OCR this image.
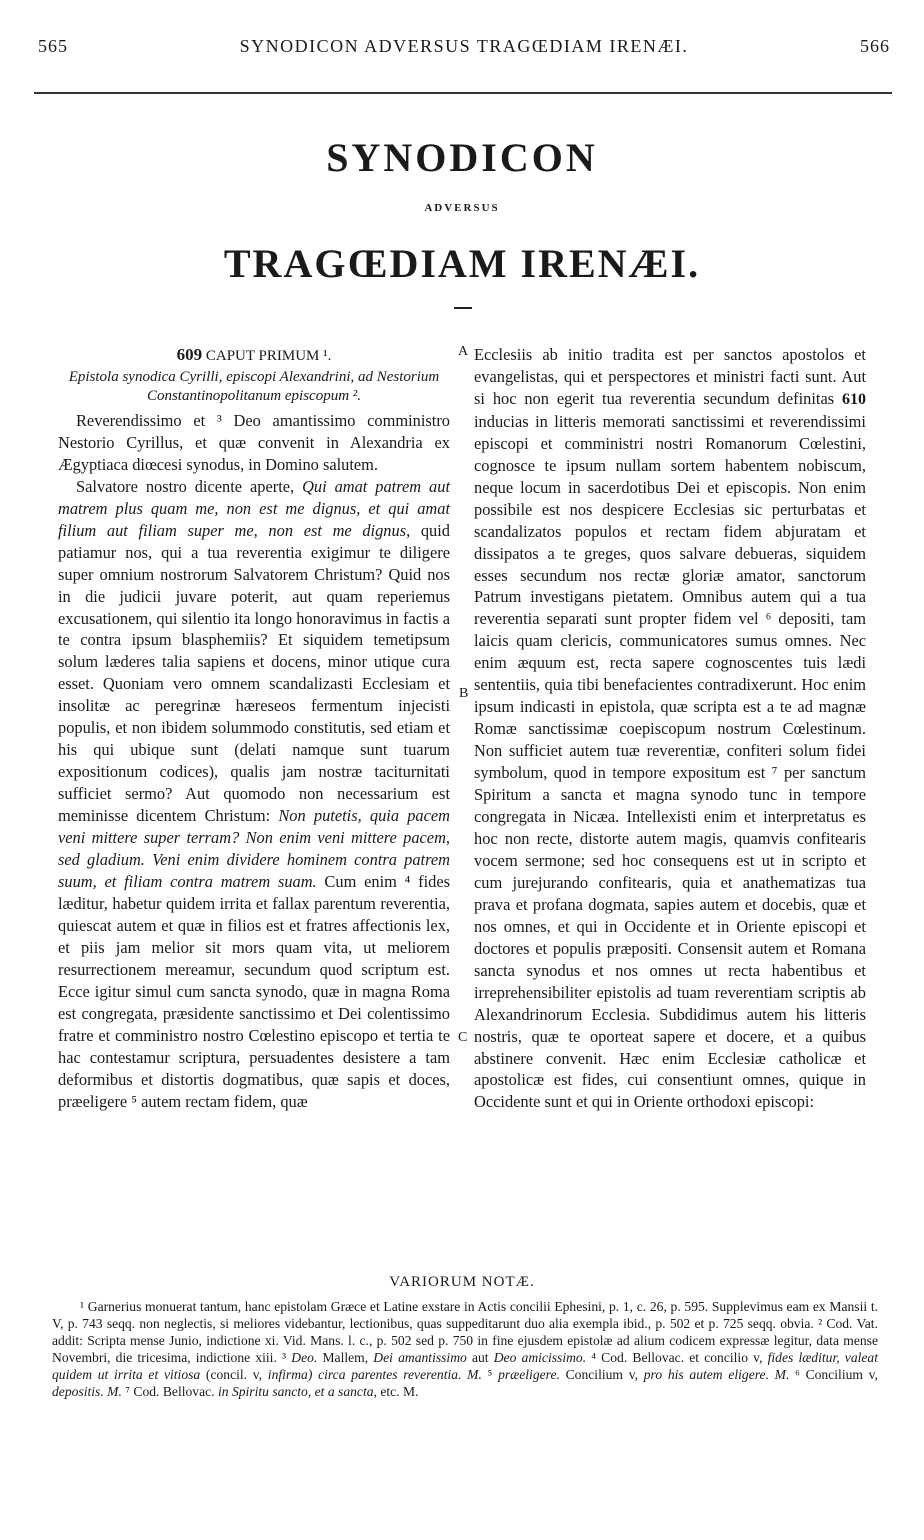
565	SYNODICON ADVERSUS TRAGŒDIAM IRENÆI.	566
SYNODICON
ADVERSUS
TRAGŒDIAM IRENÆI.

609 CAPUT PRIMUM ¹.

Epistola synodica Cyrilli, episcopi Alexandrini, ad Nestorium Constantinopolitanum episcopum ².

Reverendissimo et ³ Deo amantissimo comministro Nestorio Cyrillus, et quæ convenit in Alexandria ex Ægyptiaca diœcesi synodus, in Domino salutem.

Salvatore nostro dicente aperte, Qui amat patrem aut matrem plus quam me, non est me dignus, et qui amat filium aut filiam super me, non est me dignus, quid patiamur nos, qui a tua reverentia exigimur te diligere super omnium nostrorum Salvatorem Christum? Quid nos in die judicii juvare poterit, aut quam reperiemus excusationem, qui silentio ita longo honoravimus in factis a te contra ipsum blasphemiis? Et siquidem temetipsum solum læderes talia sapiens et docens, minor utique cura esset. Quoniam vero omnem scandalizasti Ecclesiam et insolitæ ac peregrinæ hæreseos fermentum injecisti populis, et non ibidem solummodo constitutis, sed etiam et his qui ubique sunt (delati namque sunt tuarum expositionum codices), qualis jam nostræ taciturnitati sufficiet sermo? Aut quomodo non necessarium est meminisse dicentem Christum: Non putetis, quia pacem veni mittere super terram? Non enim veni mittere pacem, sed gladium. Veni enim dividere hominem contra patrem suum, et filiam contra matrem suam. Cum enim ⁴ fides læditur, habetur quidem irrita et fallax parentum reverentia, quiescat autem et quæ in filios est et fratres affectionis lex, et piis jam melior sit mors quam vita, ut meliorem resurrectionem mereamur, secundum quod scriptum est. Ecce igitur simul cum sancta synodo, quæ in magna Roma est congregata, præsidente sanctissimo et Dei colentissimo fratre et comministro nostro Cœlestino episcopo et tertia te hac contestamur scriptura, persuadentes desistere a tam deformibus et distortis dogmatibus, quæ sapis et doces, præeligere ⁵ autem rectam fidem, quæ

A
B
C

Ecclesiis ab initio tradita est per sanctos apostolos et evangelistas, qui et perspectores et ministri facti sunt. Aut si hoc non egerit tua reverentia secundum definitas 610 inducias in litteris memorati sanctissimi et reverendissimi episcopi et comministri nostri Romanorum Cœlestini, cognosce te ipsum nullam sortem habentem nobiscum, neque locum in sacerdotibus Dei et episcopis. Non enim possibile est nos despicere Ecclesias sic perturbatas et scandalizatos populos et rectam fidem abjuratam et dissipatos a te greges, quos salvare debueras, siquidem esses secundum nos rectæ gloriæ amator, sanctorum Patrum investigans pietatem. Omnibus autem qui a tua reverentia separati sunt propter fidem vel ⁶ depositi, tam laicis quam clericis, communicatores sumus omnes. Nec enim æquum est, recta sapere cognoscentes tuis lædi sententiis, quia tibi benefacientes contradixerunt. Hoc enim ipsum indicasti in epistola, quæ scripta est a te ad magnæ Romæ sanctissimæ coepiscopum nostrum Cœlestinum. Non sufficiet autem tuæ reverentiæ, confiteri solum fidei symbolum, quod in tempore expositum est ⁷ per sanctum Spiritum a sancta et magna synodo tunc in tempore congregata in Nicæa. Intellexisti enim et interpretatus es hoc non recte, distorte autem magis, quamvis confitearis vocem sermone; sed hoc consequens est ut in scripto et cum jurejurando confitearis, quia et anathematizas tua prava et profana dogmata, sapies autem et docebis, quæ et nos omnes, et qui in Occidente et in Oriente episcopi et doctores et populis præpositi. Consensit autem et Romana sancta synodus et nos omnes ut recta habentibus et irreprehensibiliter epistolis ad tuam reverentiam scriptis ab Alexandrinorum Ecclesia. Subdidimus autem his litteris nostris, quæ te oporteat sapere et docere, et a quibus abstinere convenit. Hæc enim Ecclesiæ catholicæ et apostolicæ est fides, cui consentiunt omnes, quique in Occidente sunt et qui in Oriente orthodoxi episcopi:

VARIORUM NOTÆ.

¹ Garnerius monuerat tantum, hanc epistolam Græce et Latine exstare in Actis concilii Ephesini, p. 1, c. 26, p. 595. Supplevimus eam ex Mansii t. V, p. 743 seqq. non neglectis, si meliores videbantur, lectionibus, quas suppeditarunt duo alia exempla ibid., p. 502 et p. 725 seqq. obvia. ² Cod. Vat. addit: Scripta mense Junio, indictione xi. Vid. Mans. l. c., p. 502 sed p. 750 in fine ejusdem epistolæ ad alium codicem expressæ legitur, data mense Novembri, die tricesima, indictione xiii. ³ Deo. Mallem, Dei amantissimo aut Deo amicissimo. ⁴ Cod. Bellovac. et concilio v, fides læditur, valeat quidem ut irrita et vitiosa (concil. v, infirma) circa parentes reverentia. M. ⁵ præeligere. Concilium v, pro his autem eligere. M. ⁶ Concilium v, depositis. M. ⁷ Cod. Bellovac. in Spiritu sancto, et a sancta, etc. M.
